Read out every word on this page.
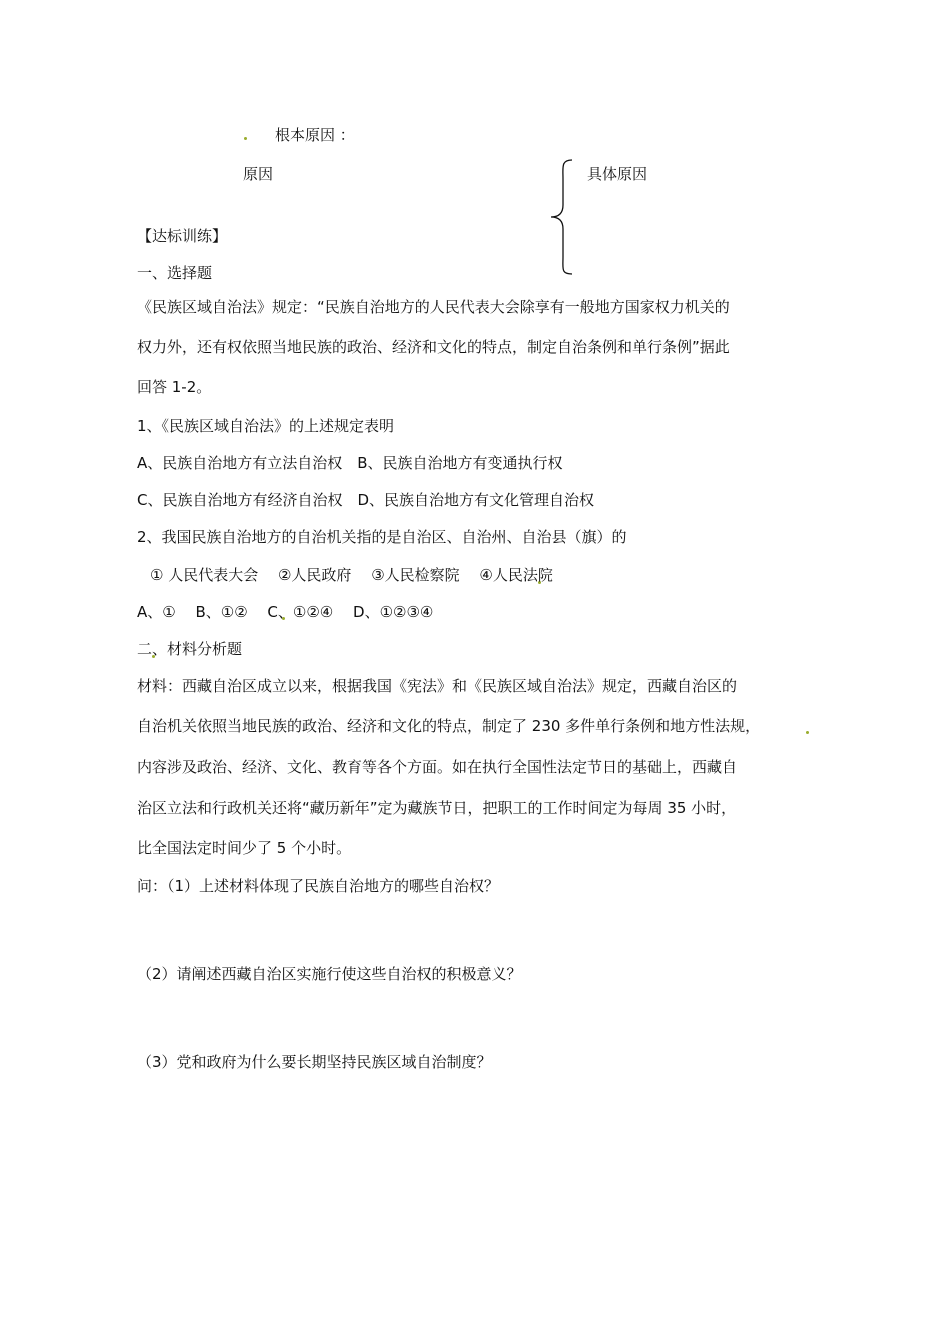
根本原因 ：
原因	具体原因
【达标训练】
一、选择题
《民族区域自治法》规定：“民族自治地方的人民代表大会除享有一般地方国家权力机关的
权力外，还有权依照当地民族的政治、经济和文化的特点，制定自治条例和单行条例”据此
回答 1-2。
1、《民族区域自治法》的上述规定表明
A、民族自治地方有立法自治权　B、民族自治地方有变通执行权
C、民族自治地方有经济自治权　D、民族自治地方有文化管理自治权
2、我国民族自治地方的自治机关指的是自治区、自治州、自治县（旗）的
① 人民代表大会　 ②人民政府　 ③人民检察院　 ④人民法院
A、①　 B、①②　 C、①②④　 D、①②③④
二、材料分析题
材料：西藏自治区成立以来，根据我国《宪法》和《民族区域自治法》规定，西藏自治区的
自治机关依照当地民族的政治、经济和文化的特点，制定了 230 多件单行条例和地方性法规，
内容涉及政治、经济、文化、教育等各个方面。如在执行全国性法定节日的基础上，西藏自
治区立法和行政机关还将“藏历新年”定为藏族节日，把职工的工作时间定为每周 35 小时，
比全国法定时间少了 5 个小时。
问：（1）上述材料体现了民族自治地方的哪些自治权？
（2）请阐述西藏自治区实施行使这些自治权的积极意义？
（3）党和政府为什么要长期坚持民族区域自治制度？
